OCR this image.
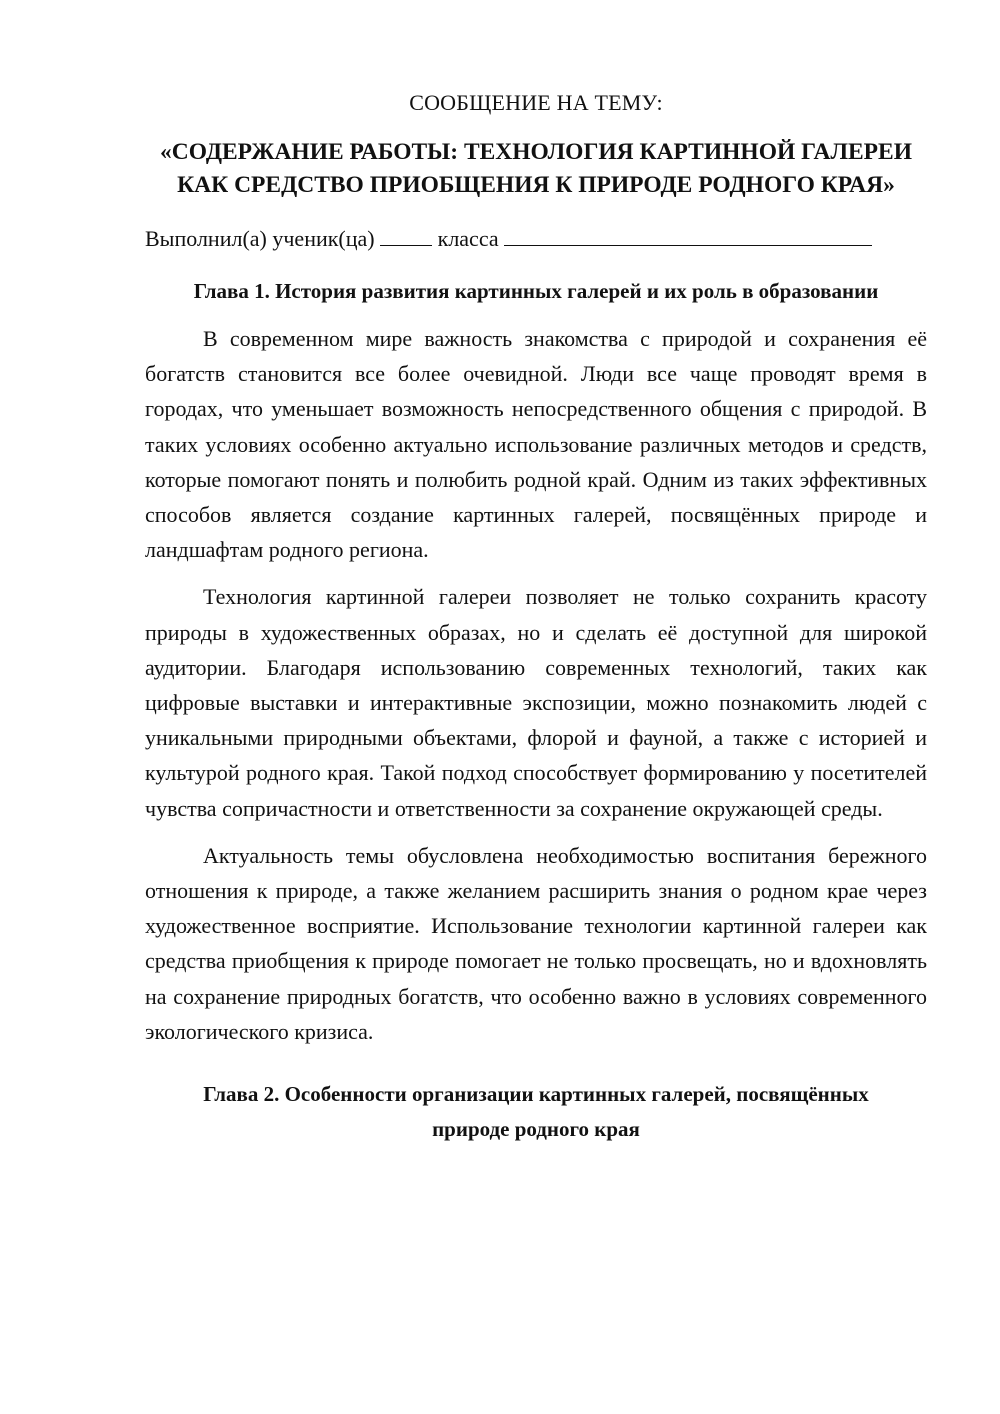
СООБЩЕНИЕ НА ТЕМУ:
«СОДЕРЖАНИЕ РАБОТЫ: ТЕХНОЛОГИЯ КАРТИННОЙ ГАЛЕРЕИ
КАК СРЕДСТВО ПРИОБЩЕНИЯ К ПРИРОДЕ РОДНОГО КРАЯ»
Выполнил(а) ученик(ца)	класса
Глава 1. История развития картинных галерей и их роль в образовании

В современном мире важность знакомства с природой и сохранения её богатств становится все более очевидной. Люди все чаще проводят время в городах, что уменьшает возможность непосредственного общения с природой. В таких условиях особенно актуально использование различных методов и средств, которые помогают понять и полюбить родной край. Одним из таких эффективных способов является создание картинных галерей, посвящённых природе и ландшафтам родного региона.

Технология картинной галереи позволяет не только сохранить красоту природы в художественных образах, но и сделать её доступной для широкой аудитории. Благодаря использованию современных технологий, таких как цифровые выставки и интерактивные экспозиции, можно познакомить людей с уникальными природными объектами, флорой и фауной, а также с историей и культурой родного края. Такой подход способствует формированию у посетителей чувства сопричастности и ответственности за сохранение окружающей среды.

Актуальность темы обусловлена необходимостью воспитания бережного отношения к природе, а также желанием расширить знания о родном крае через художественное восприятие. Использование технологии картинной галереи как средства приобщения к природе помогает не только просвещать, но и вдохновлять на сохранение природных богатств, что особенно важно в условиях современного экологического кризиса.

Глава 2. Особенности организации картинных галерей, посвящённых
природе родного края
